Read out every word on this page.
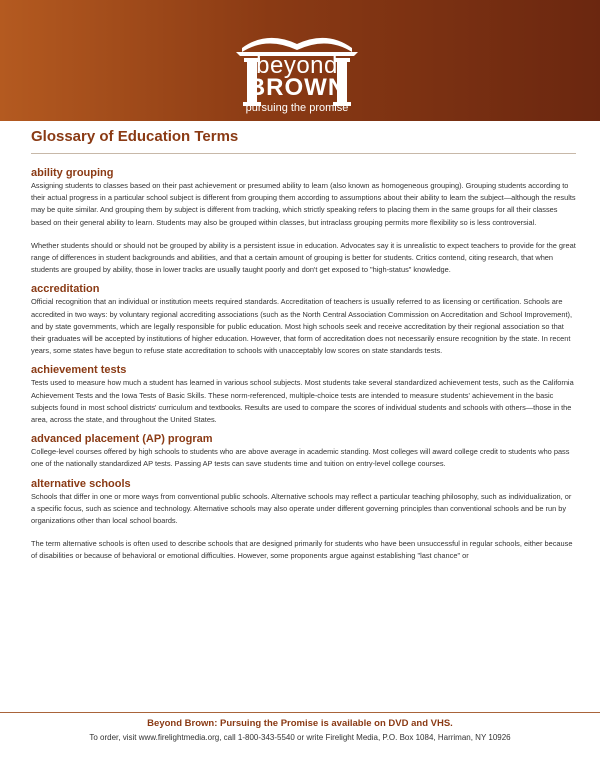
beyond
BROWN
pursuing the promise
Glossary of Education Terms
ability grouping

Assigning students to classes based on their past achievement or presumed ability to learn (also known as homogeneous grouping). Grouping students according to their actual progress in a particular school subject is different from grouping them according to assumptions about their ability to learn the subject—although the results may be quite similar. And grouping them by subject is different from tracking, which strictly speaking refers to placing them in the same groups for all their classes based on their general ability to learn. Students may also be grouped within classes, but intraclass grouping permits more flexibility so is less controversial.

Whether students should or should not be grouped by ability is a persistent issue in education. Advocates say it is unrealistic to expect teachers to provide for the great range of differences in student backgrounds and abilities, and that a certain amount of grouping is better for students. Critics contend, citing research, that when students are grouped by ability, those in lower tracks are usually taught poorly and don't get exposed to "high-status" knowledge.

accreditation

Official recognition that an individual or institution meets required standards. Accreditation of teachers is usually referred to as licensing or certification. Schools are accredited in two ways: by voluntary regional accrediting associations (such as the North Central Association Commission on Accreditation and School Improvement), and by state governments, which are legally responsible for public education. Most high schools seek and receive accreditation by their regional association so that their graduates will be accepted by institutions of higher education. However, that form of accreditation does not necessarily ensure recognition by the state. In recent years, some states have begun to refuse state accreditation to schools with unacceptably low scores on state standards tests.

achievement tests

Tests used to measure how much a student has learned in various school subjects. Most students take several standardized achievement tests, such as the California Achievement Tests and the Iowa Tests of Basic Skills. These norm-referenced, multiple-choice tests are intended to measure students' achievement in the basic subjects found in most school districts' curriculum and textbooks. Results are used to compare the scores of individual students and schools with others—those in the area, across the state, and throughout the United States.

advanced placement (AP) program

College-level courses offered by high schools to students who are above average in academic standing. Most colleges will award college credit to students who pass one of the nationally standardized AP tests. Passing AP tests can save students time and tuition on entry-level college courses.

alternative schools

Schools that differ in one or more ways from conventional public schools. Alternative schools may reflect a particular teaching philosophy, such as individualization, or a specific focus, such as science and technology. Alternative schools may also operate under different governing principles than conventional schools and be run by organizations other than local school boards.

The term alternative schools is often used to describe schools that are designed primarily for students who have been unsuccessful in regular schools, either because of disabilities or because of behavioral or emotional difficulties. However, some proponents argue against establishing "last chance" or

Beyond Brown: Pursuing the Promise is available on DVD and VHS.

To order, visit www.firelightmedia.org, call 1-800-343-5540 or write Firelight Media, P.O. Box 1084, Harriman, NY 10926
